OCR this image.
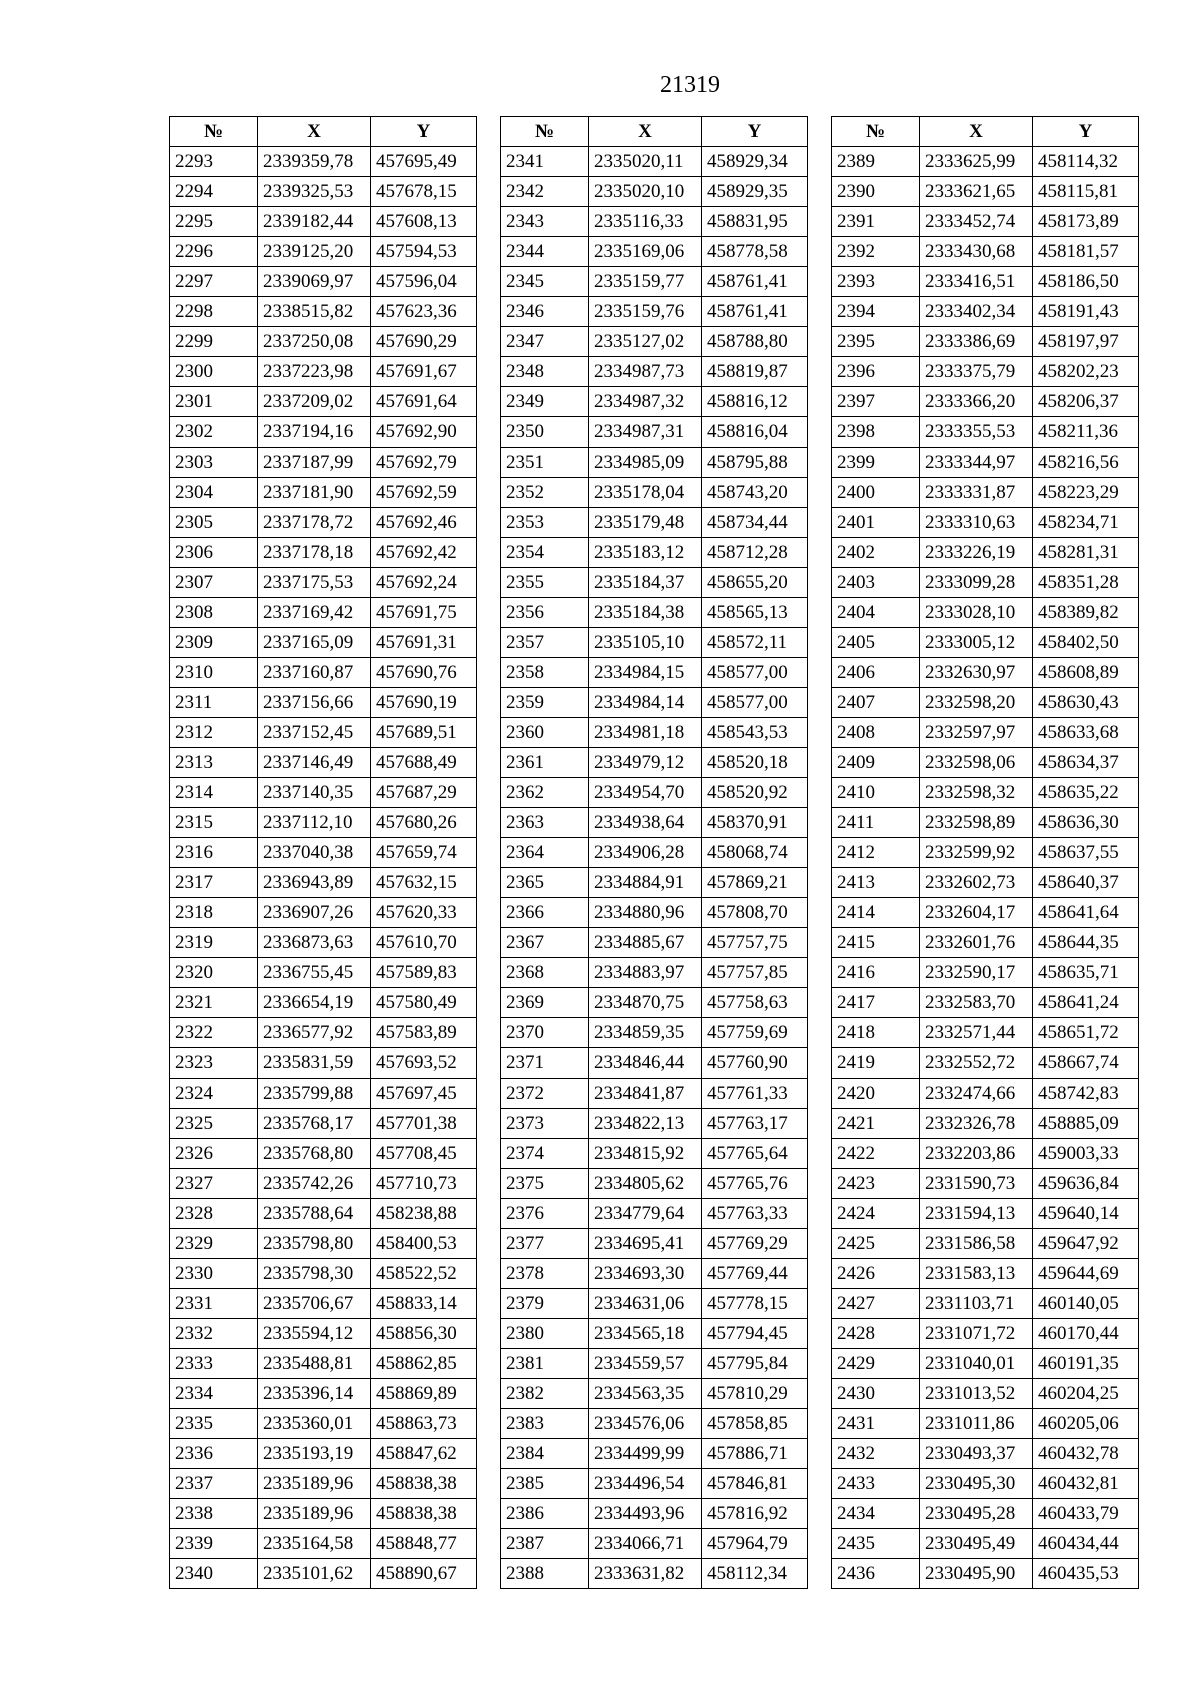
21319
№	X	Y
2293	2339359,78	457695,49
2294	2339325,53	457678,15
2295	2339182,44	457608,13
2296	2339125,20	457594,53
2297	2339069,97	457596,04
2298	2338515,82	457623,36
2299	2337250,08	457690,29
2300	2337223,98	457691,67
2301	2337209,02	457691,64
2302	2337194,16	457692,90
2303	2337187,99	457692,79
2304	2337181,90	457692,59
2305	2337178,72	457692,46
2306	2337178,18	457692,42
2307	2337175,53	457692,24
2308	2337169,42	457691,75
2309	2337165,09	457691,31
2310	2337160,87	457690,76
2311	2337156,66	457690,19
2312	2337152,45	457689,51
2313	2337146,49	457688,49
2314	2337140,35	457687,29
2315	2337112,10	457680,26
2316	2337040,38	457659,74
2317	2336943,89	457632,15
2318	2336907,26	457620,33
2319	2336873,63	457610,70
2320	2336755,45	457589,83
2321	2336654,19	457580,49
2322	2336577,92	457583,89
2323	2335831,59	457693,52
2324	2335799,88	457697,45
2325	2335768,17	457701,38
2326	2335768,80	457708,45
2327	2335742,26	457710,73
2328	2335788,64	458238,88
2329	2335798,80	458400,53
2330	2335798,30	458522,52
2331	2335706,67	458833,14
2332	2335594,12	458856,30
2333	2335488,81	458862,85
2334	2335396,14	458869,89
2335	2335360,01	458863,73
2336	2335193,19	458847,62
2337	2335189,96	458838,38
2338	2335189,96	458838,38
2339	2335164,58	458848,77
2340	2335101,62	458890,67
№	X	Y
2341	2335020,11	458929,34
2342	2335020,10	458929,35
2343	2335116,33	458831,95
2344	2335169,06	458778,58
2345	2335159,77	458761,41
2346	2335159,76	458761,41
2347	2335127,02	458788,80
2348	2334987,73	458819,87
2349	2334987,32	458816,12
2350	2334987,31	458816,04
2351	2334985,09	458795,88
2352	2335178,04	458743,20
2353	2335179,48	458734,44
2354	2335183,12	458712,28
2355	2335184,37	458655,20
2356	2335184,38	458565,13
2357	2335105,10	458572,11
2358	2334984,15	458577,00
2359	2334984,14	458577,00
2360	2334981,18	458543,53
2361	2334979,12	458520,18
2362	2334954,70	458520,92
2363	2334938,64	458370,91
2364	2334906,28	458068,74
2365	2334884,91	457869,21
2366	2334880,96	457808,70
2367	2334885,67	457757,75
2368	2334883,97	457757,85
2369	2334870,75	457758,63
2370	2334859,35	457759,69
2371	2334846,44	457760,90
2372	2334841,87	457761,33
2373	2334822,13	457763,17
2374	2334815,92	457765,64
2375	2334805,62	457765,76
2376	2334779,64	457763,33
2377	2334695,41	457769,29
2378	2334693,30	457769,44
2379	2334631,06	457778,15
2380	2334565,18	457794,45
2381	2334559,57	457795,84
2382	2334563,35	457810,29
2383	2334576,06	457858,85
2384	2334499,99	457886,71
2385	2334496,54	457846,81
2386	2334493,96	457816,92
2387	2334066,71	457964,79
2388	2333631,82	458112,34
№	X	Y
2389	2333625,99	458114,32
2390	2333621,65	458115,81
2391	2333452,74	458173,89
2392	2333430,68	458181,57
2393	2333416,51	458186,50
2394	2333402,34	458191,43
2395	2333386,69	458197,97
2396	2333375,79	458202,23
2397	2333366,20	458206,37
2398	2333355,53	458211,36
2399	2333344,97	458216,56
2400	2333331,87	458223,29
2401	2333310,63	458234,71
2402	2333226,19	458281,31
2403	2333099,28	458351,28
2404	2333028,10	458389,82
2405	2333005,12	458402,50
2406	2332630,97	458608,89
2407	2332598,20	458630,43
2408	2332597,97	458633,68
2409	2332598,06	458634,37
2410	2332598,32	458635,22
2411	2332598,89	458636,30
2412	2332599,92	458637,55
2413	2332602,73	458640,37
2414	2332604,17	458641,64
2415	2332601,76	458644,35
2416	2332590,17	458635,71
2417	2332583,70	458641,24
2418	2332571,44	458651,72
2419	2332552,72	458667,74
2420	2332474,66	458742,83
2421	2332326,78	458885,09
2422	2332203,86	459003,33
2423	2331590,73	459636,84
2424	2331594,13	459640,14
2425	2331586,58	459647,92
2426	2331583,13	459644,69
2427	2331103,71	460140,05
2428	2331071,72	460170,44
2429	2331040,01	460191,35
2430	2331013,52	460204,25
2431	2331011,86	460205,06
2432	2330493,37	460432,78
2433	2330495,30	460432,81
2434	2330495,28	460433,79
2435	2330495,49	460434,44
2436	2330495,90	460435,53
